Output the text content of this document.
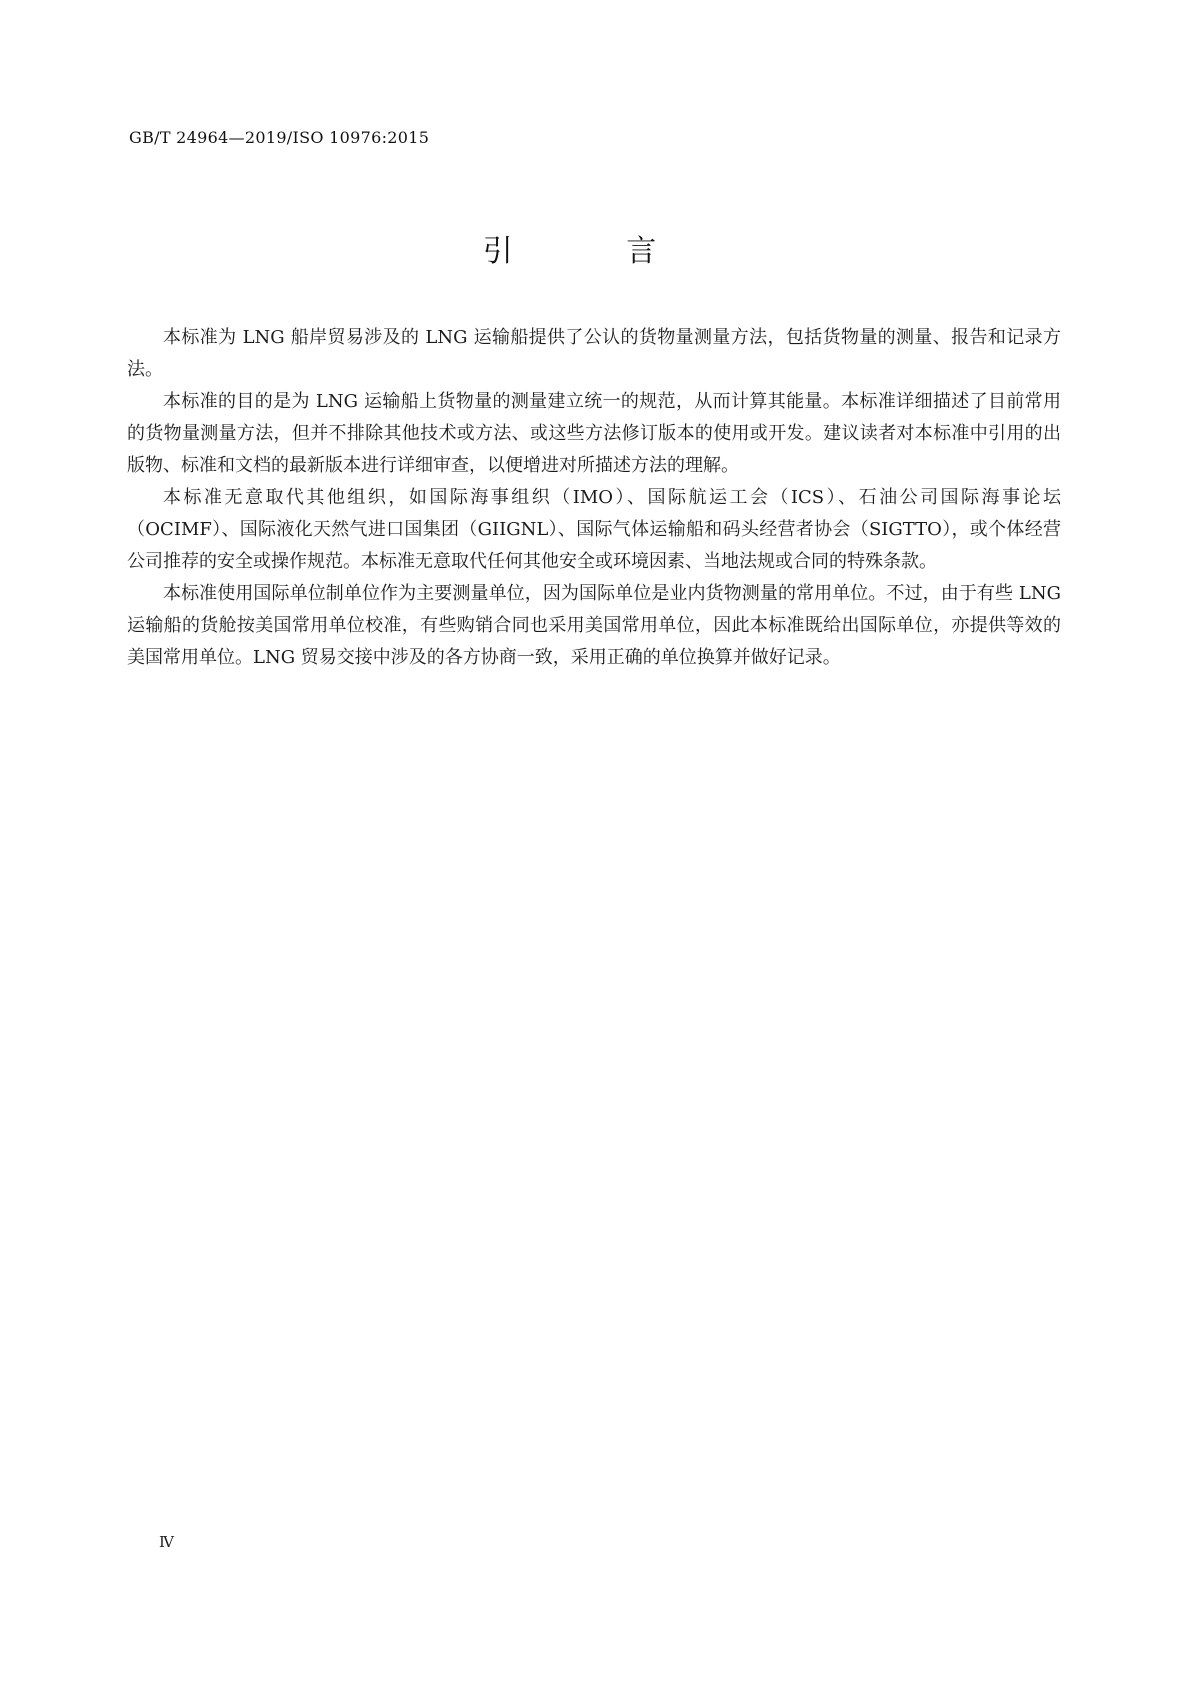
GB/T 24964—2019/ISO 10976:2015
引 言

本标准为 LNG 船岸贸易涉及的 LNG 运输船提供了公认的货物量测量方法，包括货物量的测量、报告和记录方法。

本标准的目的是为 LNG 运输船上货物量的测量建立统一的规范，从而计算其能量。本标准详细描述了目前常用的货物量测量方法，但并不排除其他技术或方法、或这些方法修订版本的使用或开发。建议读者对本标准中引用的出版物、标准和文档的最新版本进行详细审查，以便增进对所描述方法的理解。

本标准无意取代其他组织，如国际海事组织（IMO）、国际航运工会（ICS）、石油公司国际海事论坛（OCIMF）、国际液化天然气进口国集团（GIIGNL）、国际气体运输船和码头经营者协会（SIGTTO），或个体经营公司推荐的安全或操作规范。本标准无意取代任何其他安全或环境因素、当地法规或合同的特殊条款。

本标准使用国际单位制单位作为主要测量单位，因为国际单位是业内货物测量的常用单位。不过，由于有些 LNG 运输船的货舱按美国常用单位校准，有些购销合同也采用美国常用单位，因此本标准既给出国际单位，亦提供等效的美国常用单位。LNG 贸易交接中涉及的各方协商一致，采用正确的单位换算并做好记录。

Ⅳ
